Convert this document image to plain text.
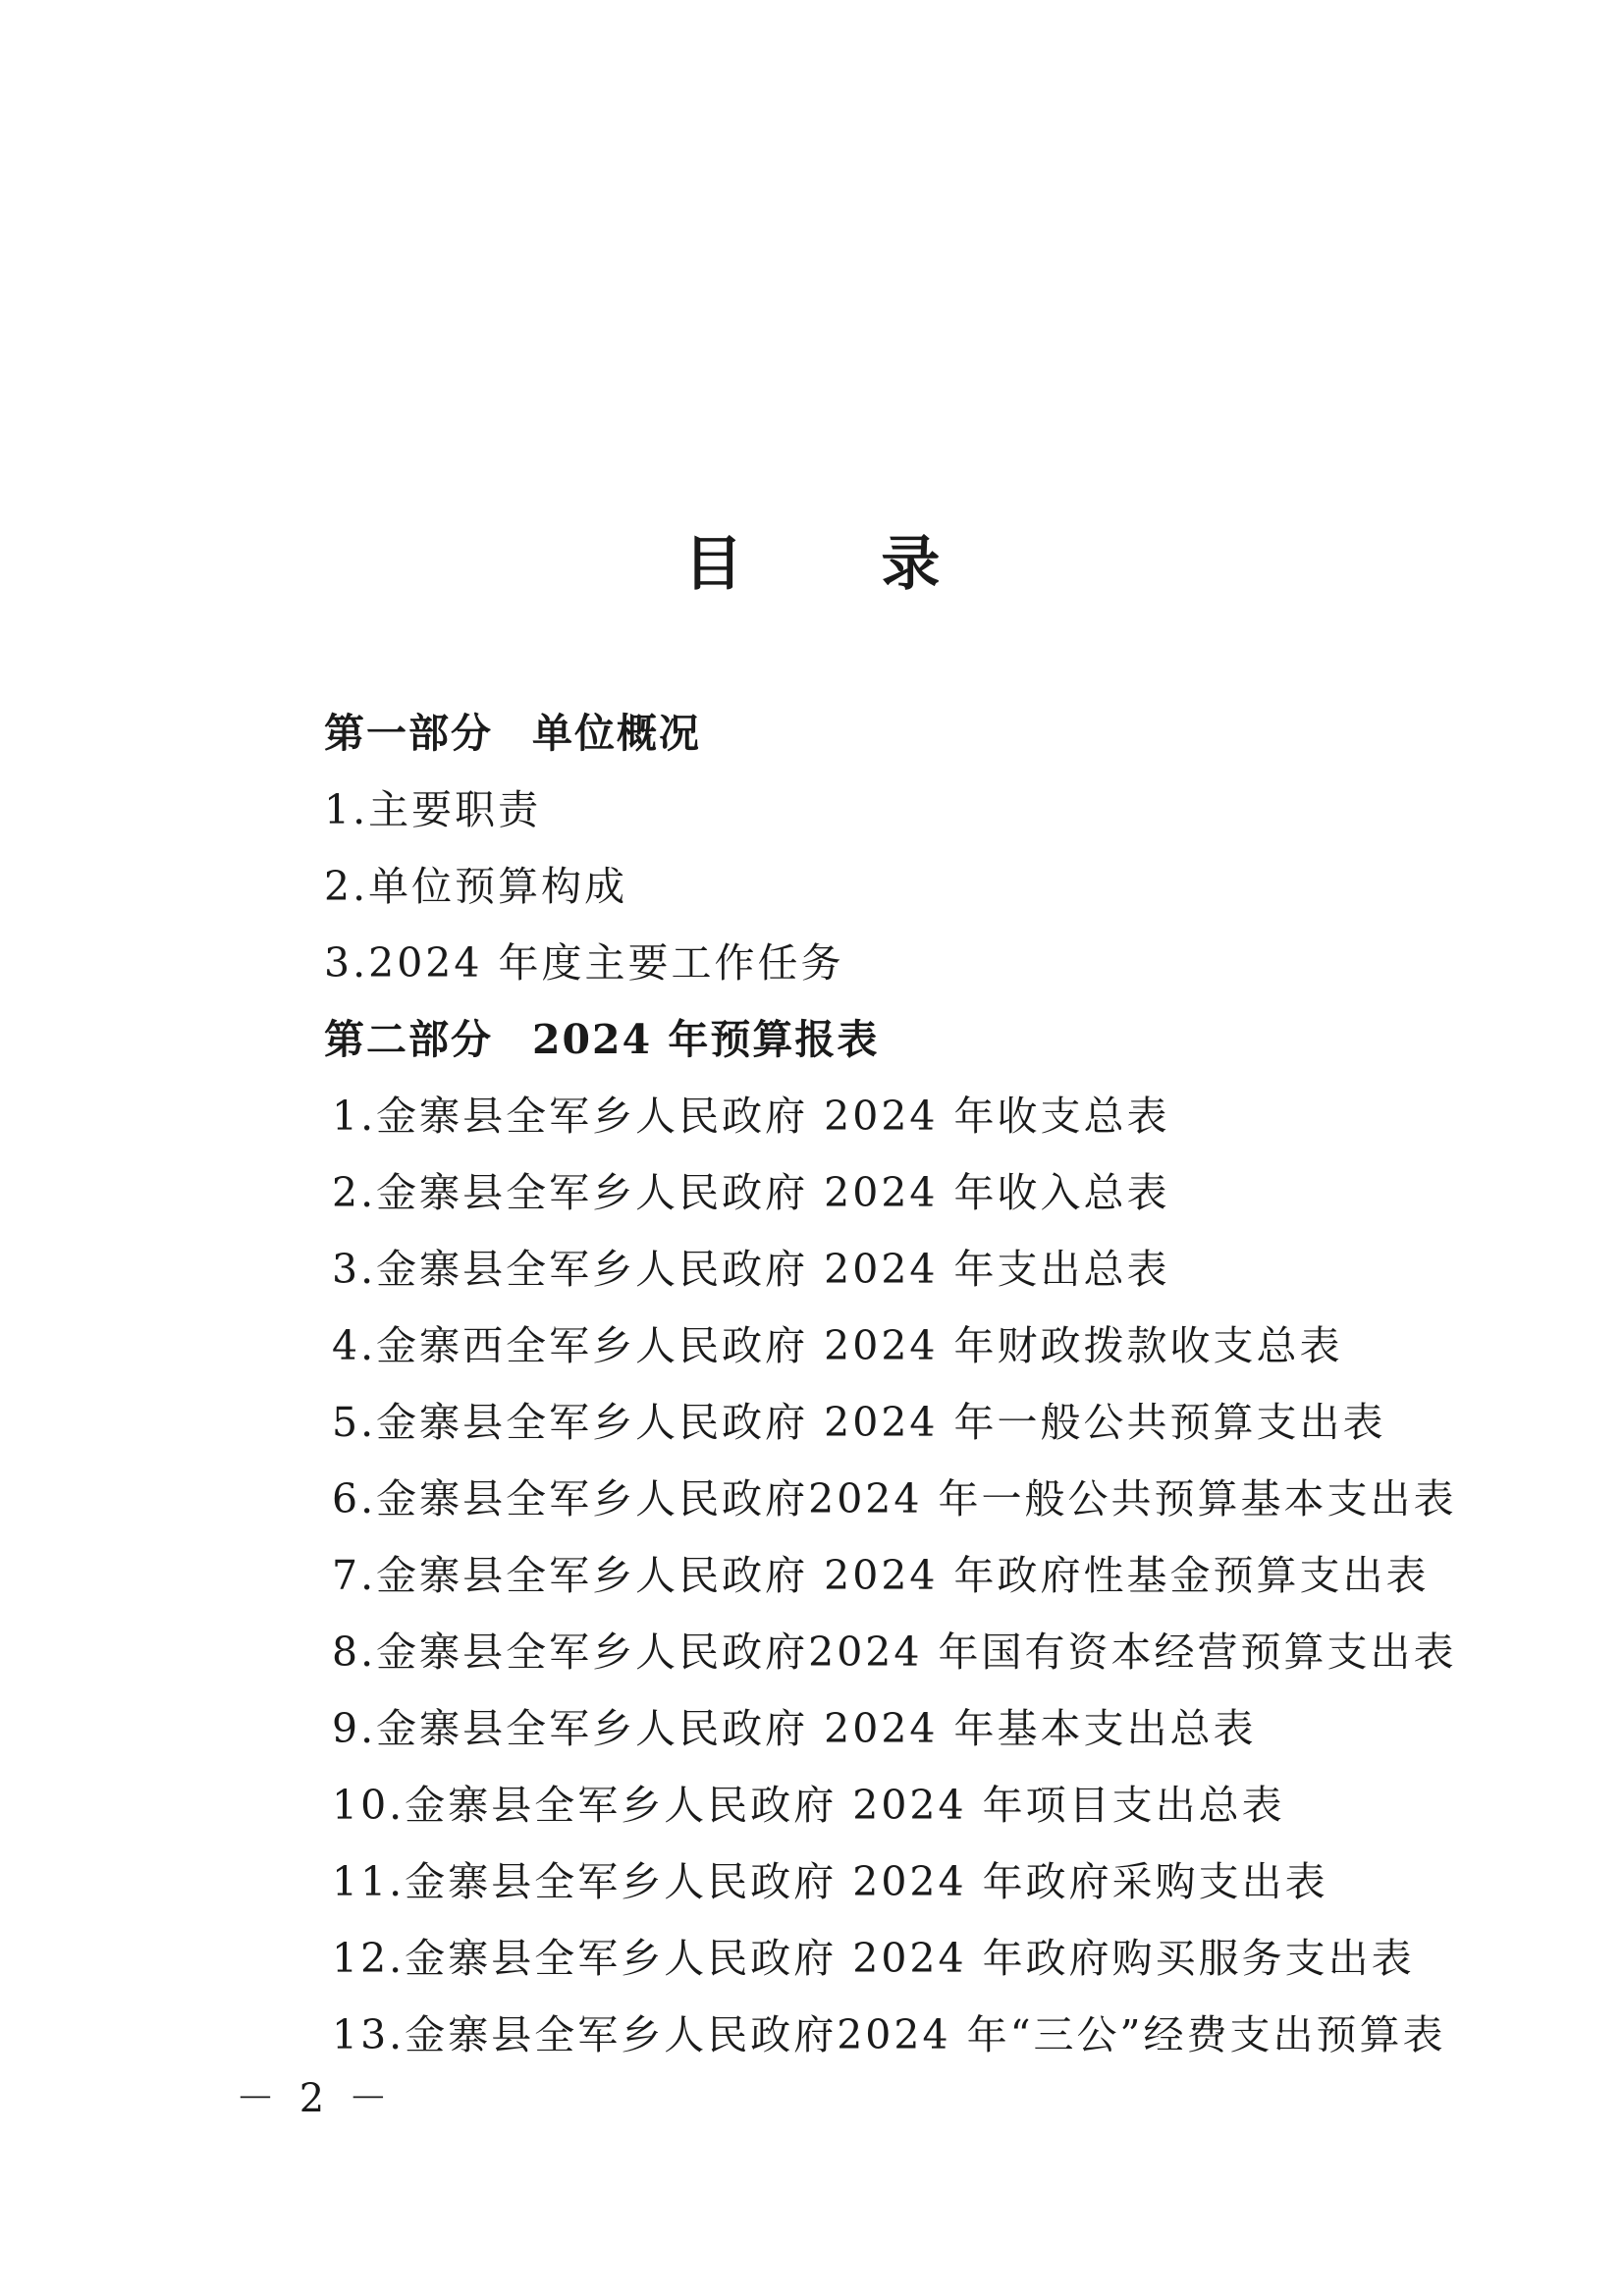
目 录
第一部分 单位概况
1.主要职责
2.单位预算构成
3.2024 年度主要工作任务
第二部分 2024 年预算报表
1.金寨县全军乡人民政府 2024 年收支总表
2.金寨县全军乡人民政府 2024 年收入总表
3.金寨县全军乡人民政府 2024 年支出总表
4.金寨西全军乡人民政府 2024 年财政拨款收支总表
5.金寨县全军乡人民政府 2024 年一般公共预算支出表
6.金寨县全军乡人民政府2024 年一般公共预算基本支出表
7.金寨县全军乡人民政府 2024 年政府性基金预算支出表
8.金寨县全军乡人民政府2024 年国有资本经营预算支出表
9.金寨县全军乡人民政府 2024 年基本支出总表
10.金寨县全军乡人民政府 2024 年项目支出总表
11.金寨县全军乡人民政府 2024 年政府采购支出表
12.金寨县全军乡人民政府 2024 年政府购买服务支出表
13.金寨县全军乡人民政府2024 年“三公”经费支出预算表
－ 2 －
